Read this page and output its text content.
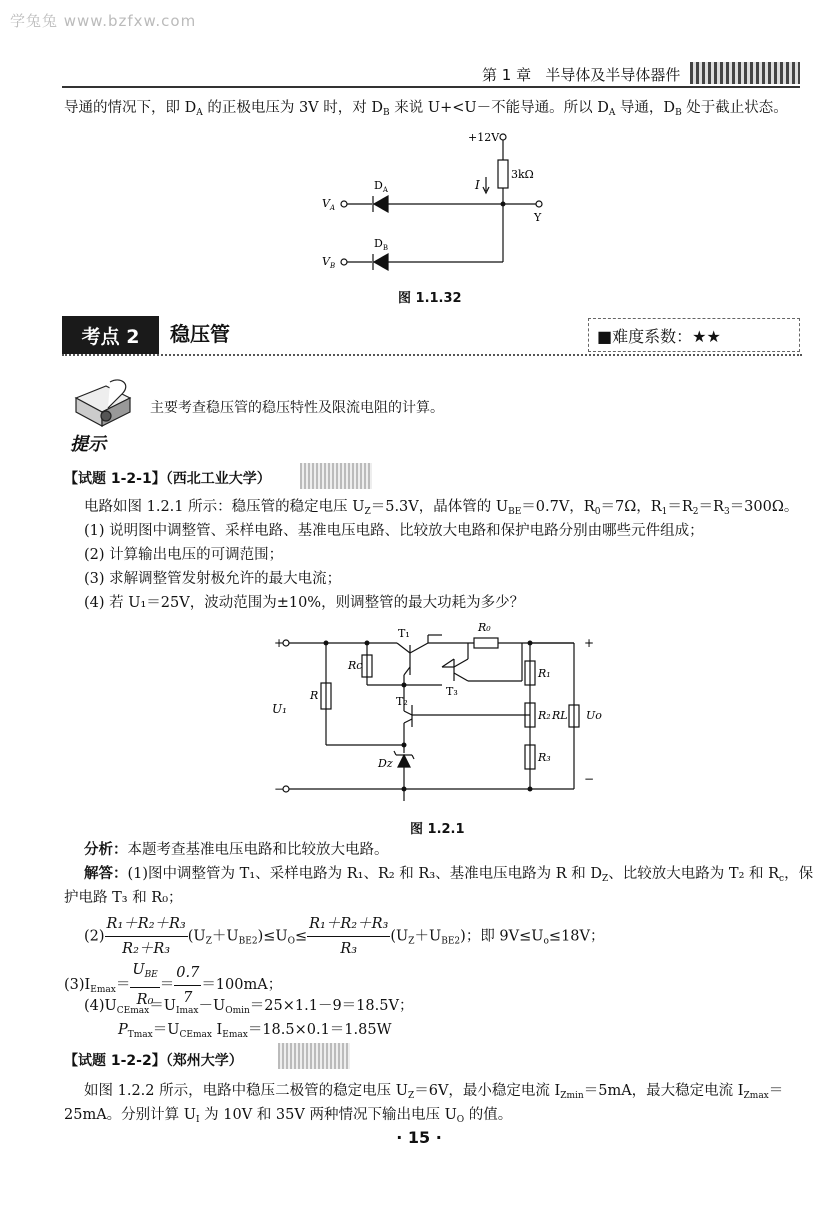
学兔兔 www.bzfxw.com
第 1 章 半导体及半导体器件
导通的情况下，即 $D_A$ 的正极电压为 3V 时，对 $D_B$ 来说 U+<U－不能导通。所以 $D_A$ 导通，$D_B$ 处于截止状态。
+12V
3kΩ
I
$D_A$
$D_B$
$V_A$
$V_B$
Y
图 1.1.32
考点 2	稳压管	■难度系数：★★
提示
主要考查稳压管的稳压特性及限流电阻的计算。
【试题 1-2-1】（西北工业大学）
电路如图 1.2.1 所示：稳压管的稳定电压 $U_Z=5.3V$，晶体管的 $U_{BE}=0.7V$，$R_0=7\Omega$，$R_1=R_2=R_3=300\Omega$。
(1) 说明图中调整管、采样电路、基准电压电路、比较放大电路和保护电路分别由哪些元件组成；
(2) 计算输出电压的可调范围；
(3) 求解调整管发射极允许的最大电流；
(4) 若 U₁＝25V，波动范围为±10%，则调整管的最大功耗为多少？
+
−
+
−
T₁
T₃
T₂
Rc
R
R₀
R₁
R₂
R₃
RL Uo
U₁
Dz
图 1.2.1
分析：本题考查基准电压电路和比较放大电路。
解答：(1)图中调整管为 T₁、采样电路为 R₁、R₂ 和 R₃、基准电压电路为 R 和 $D_Z$、比较放大电路为 T₂ 和 $R_c$，保
护电路 T₃ 和 R₀；
$(2) \frac{\text{R₁＋R₂＋R₃}}{\text{R₂＋R₃}} (U_Z+U_{BE2})\le U_O\le \frac{\text{R₁＋R₂＋R₃}}{\text{R₃}} (U_Z+U_{BE2})$；即 $9V\le U_o\le 18V$；
$(3)I_{Emax}= \frac{U_{BE}}{\text{R₀}} = \frac{0.7}{7} =100mA$；
$(4)U_{CEmax}=U_{Imax}-U_{Omin}=25\times 1.1-9=18.5V$；
$P_{Tmax}=U_{CEmax}$ $I_{Emax}=18.5\times 0.1=1.85W$
【试题 1-2-2】（郑州大学）
如图 1.2.2 所示，电路中稳压二极管的稳定电压 $U_Z=6V$，最小稳定电流 $I_{Zmin}=5mA$，最大稳定电流 $I_{Zmax}=$
25mA。分别计算 $U_I$ 为 10V 和 35V 两种情况下输出电压 $U_O$ 的值。
· 15 ·
